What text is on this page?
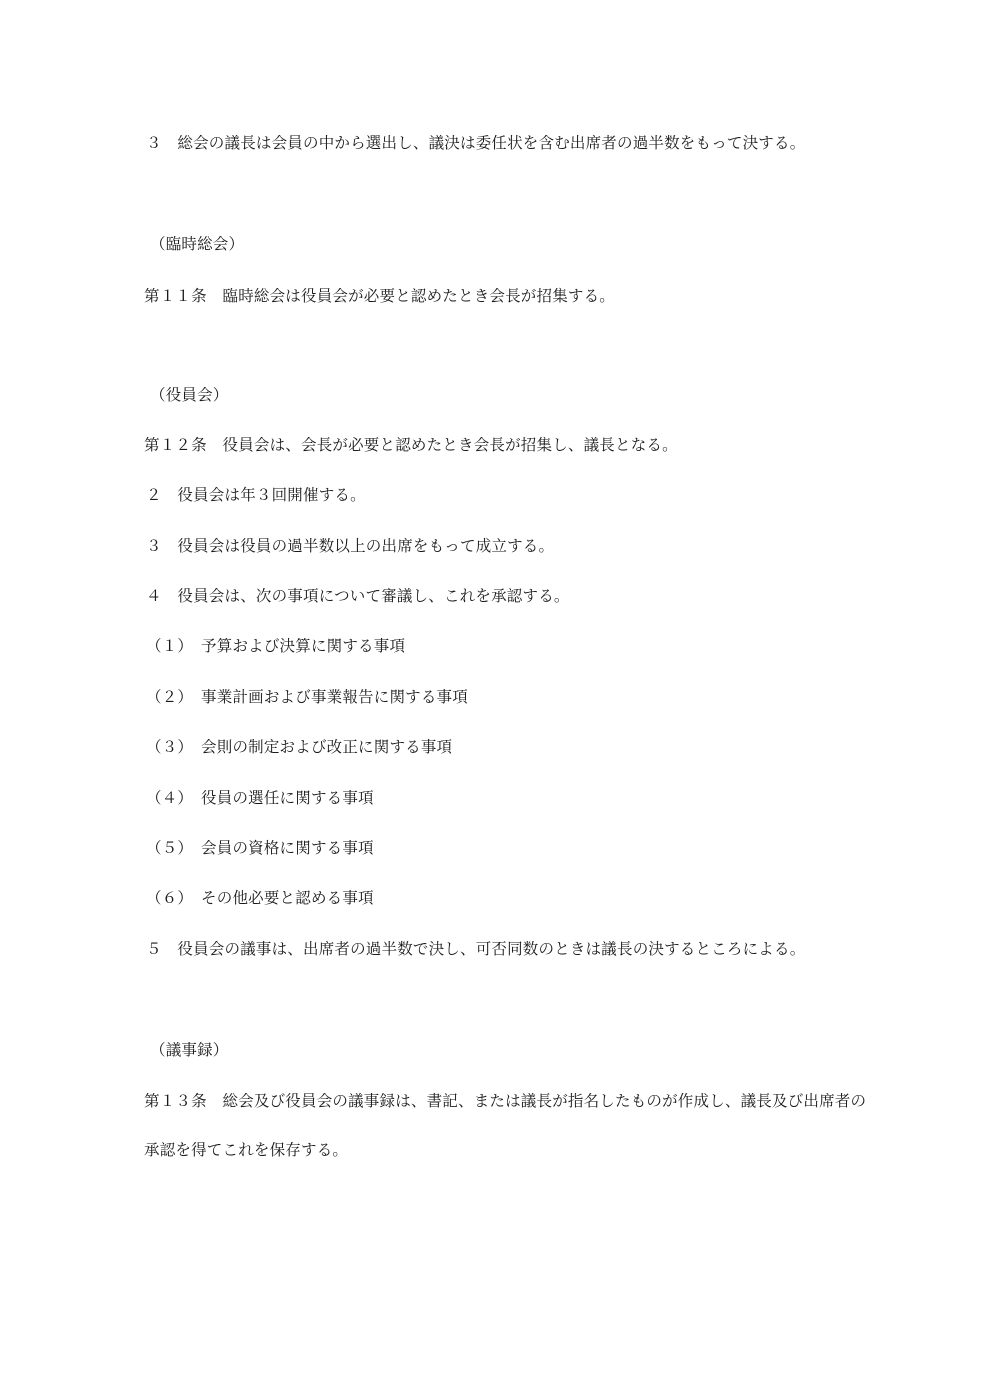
３　総会の議長は会員の中から選出し、議決は委任状を含む出席者の過半数をもって決する。
（臨時総会）
第１１条　臨時総会は役員会が必要と認めたとき会長が招集する。
（役員会）
第１２条　役員会は、会長が必要と認めたとき会長が招集し、議長となる。
２　役員会は年３回開催する。
３　役員会は役員の過半数以上の出席をもって成立する。
４　役員会は、次の事項について審議し、これを承認する。
（１）　予算および決算に関する事項
（２）　事業計画および事業報告に関する事項
（３）　会則の制定および改正に関する事項
（４）　役員の選任に関する事項
（５）　会員の資格に関する事項
（６）　その他必要と認める事項
５　役員会の議事は、出席者の過半数で決し、可否同数のときは議長の決するところによる。
（議事録）
第１３条　総会及び役員会の議事録は、書記、または議長が指名したものが作成し、議長及び出席者の
承認を得てこれを保存する。
